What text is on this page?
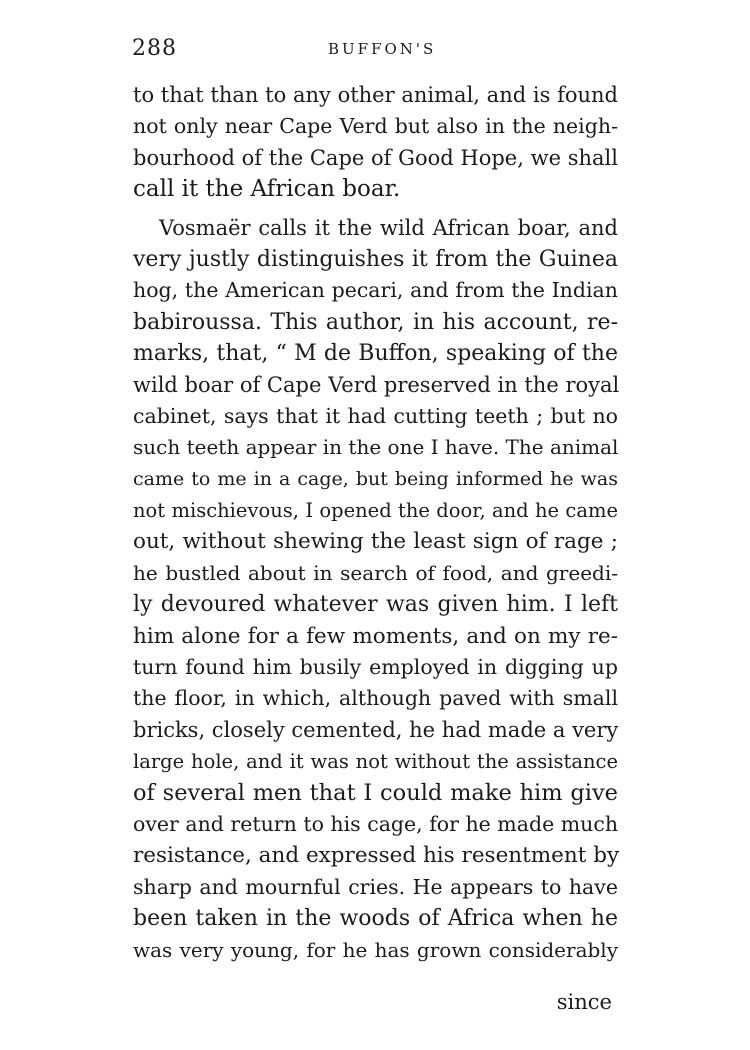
288	BUFFON'S
to that than to any other animal, and is found
not only near Cape Verd but also in the neigh-
bourhood of the Cape of Good Hope, we shall
call it the African boar.
Vosmaër calls it the wild African boar, and
very justly distinguishes it from the Guinea
hog, the American pecari, and from the Indian
babiroussa. This author, in his account, re-
marks, that, “ M de Buffon, speaking of the
wild boar of Cape Verd preserved in the royal
cabinet, says that it had cutting teeth ; but no
such teeth appear in the one I have. The animal
came to me in a cage, but being informed he was
not mischievous, I opened the door, and he came
out, without shewing the least sign of rage ;
he bustled about in search of food, and greedi-
ly devoured whatever was given him. I left
him alone for a few moments, and on my re-
turn found him busily employed in digging up
the floor, in which, although paved with small
bricks, closely cemented, he had made a very
large hole, and it was not without the assistance
of several men that I could make him give
over and return to his cage, for he made much
resistance, and expressed his resentment by
sharp and mournful cries. He appears to have
been taken in the woods of Africa when he
was very young, for he has grown considerably
since
